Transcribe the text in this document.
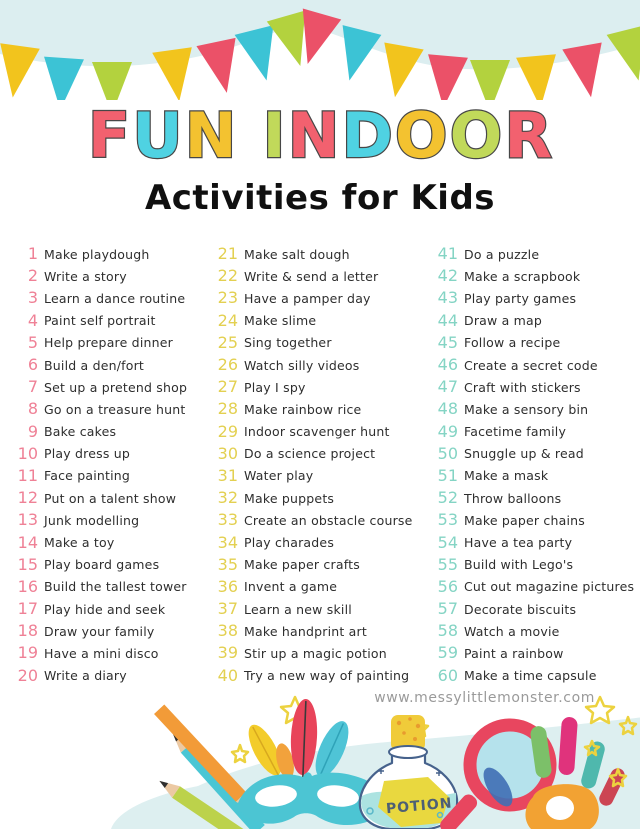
F U N I N D O O R
Activities for Kids
1 Make playdough
2 Write a story
3 Learn a dance routine
4 Paint self portrait
5 Help prepare dinner
6 Build a den/fort
7 Set up a pretend shop
8 Go on a treasure hunt
9 Bake cakes
10 Play dress up
11 Face painting
12 Put on a talent show
13 Junk modelling
14 Make a toy
15 Play board games
16 Build the tallest tower
17 Play hide and seek
18 Draw your family
19 Have a mini disco
20 Write a diary
21 Make salt dough
22 Write & send a letter
23 Have a pamper day
24 Make slime
25 Sing together
26 Watch silly videos
27 Play I spy
28 Make rainbow rice
29 Indoor scavenger hunt
30 Do a science project
31 Water play
32 Make puppets
33 Create an obstacle course
34 Play charades
35 Make paper crafts
36 Invent a game
37 Learn a new skill
38 Make handprint art
39 Stir up a magic potion
40 Try a new way of painting
41 Do a puzzle
42 Make a scrapbook
43 Play party games
44 Draw a map
45 Follow a recipe
46 Create a secret code
47 Craft with stickers
48 Make a sensory bin
49 Facetime family
50 Snuggle up & read
51 Make a mask
52 Throw balloons
53 Make paper chains
54 Have a tea party
55 Build with Lego's
56 Cut out magazine pictures
57 Decorate biscuits
58 Watch a movie
59 Paint a rainbow
60 Make a time capsule
www.messylittlemonster.com
POTION
